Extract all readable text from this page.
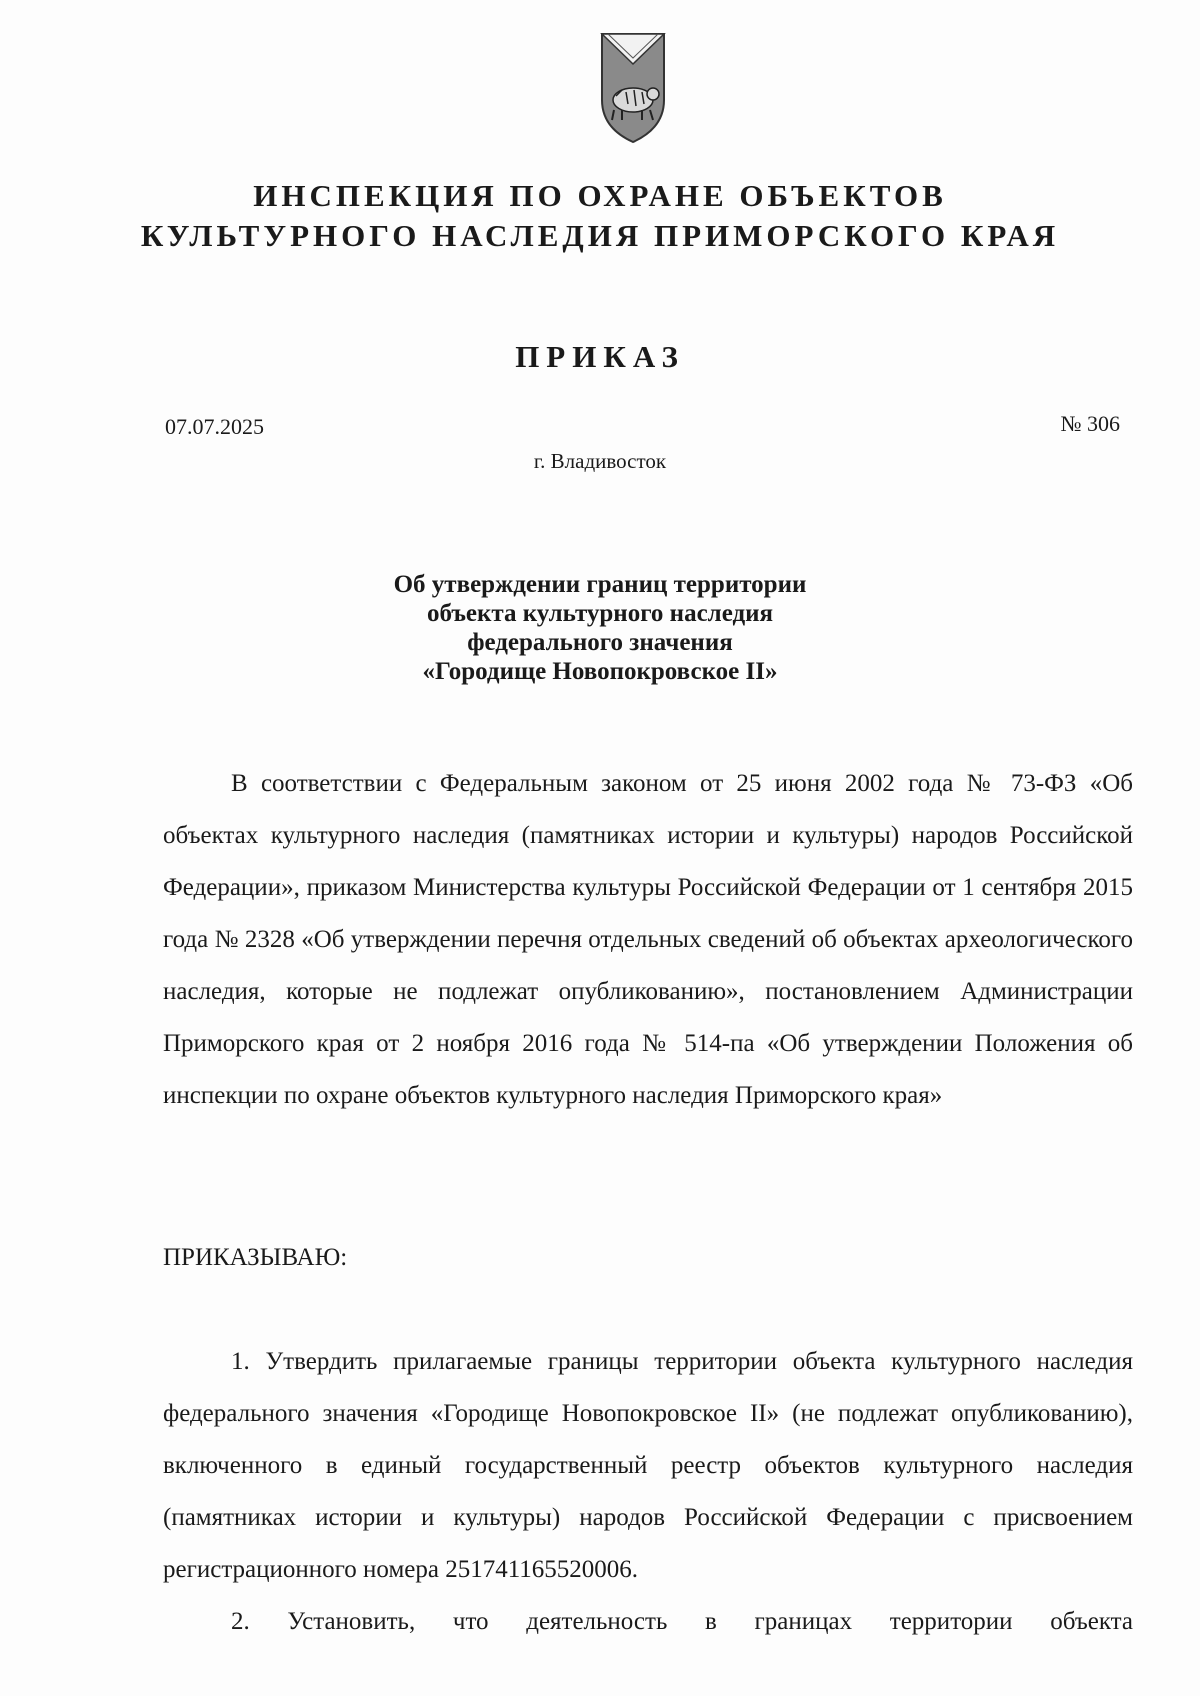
ИНСПЕКЦИЯ ПО ОХРАНЕ ОБЪЕКТОВ
КУЛЬТУРНОГО НАСЛЕДИЯ ПРИМОРСКОГО КРАЯ
ПРИКАЗ
07.07.2025	№ 306
г. Владивосток
Об утверждении границ территории
объекта культурного наследия
федерального значения
«Городище Новопокровское II»

В соответствии с Федеральным законом от 25 июня 2002 года № 73-ФЗ «Об объектах культурного наследия (памятниках истории и культуры) народов Российской Федерации», приказом Министерства культуры Российской Федерации от 1 сентября 2015 года № 2328 «Об утверждении перечня отдельных сведений об объектах археологического наследия, которые не подлежат опубликованию», постановлением Администрации Приморского края от 2 ноября 2016 года № 514-па «Об утверждении Положения об инспекции по охране объектов культурного наследия Приморского края»

ПРИКАЗЫВАЮ:

1. Утвердить прилагаемые границы территории объекта культурного наследия федерального значения «Городище Новопокровское II» (не подлежат опубликованию), включенного в единый государственный реестр объектов культурного наследия (памятниках истории и культуры) народов Российской Федерации с присвоением регистрационного номера 251741165520006.

2. Установить, что деятельность в границах территории объекта
